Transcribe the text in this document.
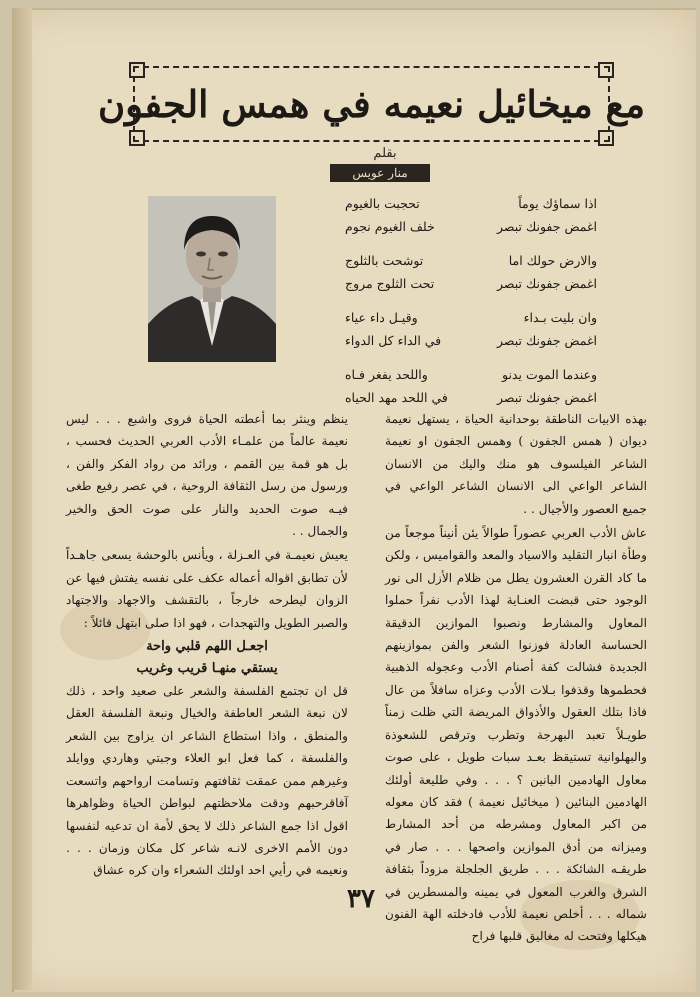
مع ميخائيل نعيمه في همس الجفون
بقلم
منار عويس
اذا سماؤك يوماً
تحجبت بالغيوم
اغمض جفونك تبصر
خلف الغيوم نجوم
والارض حولك اما
توشحت بالثلوج
اغمض جفونك تبصر
تحت الثلوج مروج
وان بليت بـداء
وقيـل داء عياء
اغمض جفونك تبصر
في الداء كل الدواء
وعندما الموت يدنو
واللحد يفغر فـاه
اغمض جفونك تبصر
في اللحد مهد الحياه

بهذه الابيات الناطقة بوحدانية الحياة ، يستهل نعيمة ديوان ( همس الجفون ) وهمس الجفون او نعيمة الشاعر الفيلسوف هو منك واليك من الانسان الشاعر الواعي الى الانسان الشاعر الواعي في جميع العصور والأجيال . .

عاش الأدب العربي عصوراً طوالاً يئن أنيناً موجعاً من وطأة انبار التقليد والاسياد والمعد والقواميس ، ولكن ما كاد القرن العشرون يطل من ظلام الأزل الى نور الوجود حتى قبضت العنـاية لهذا الأدب نفراً حملوا المعاول والمشارط ونصبوا الموازين الدقيقة الحساسة العادلة فوزنوا الشعر والفن بموازينهم الجديدة فشالت كفة أصنام الأدب وعجوله الذهبية فحطموها وقذفوا بـلات الأدب وعزاه سافلاً من عال فاذا بتلك العقول والأذواق المريضة التي ظلت زمناً طويـلاً تعبد البهرجة وتطرب وترقص للشعوذة والبهلوانية تستيقظ بعـد سبات طويل ، على صوت معاول الهادمين البانين ؟ . . . وفي طليعة أولئك الهادمين البنائين ( ميخائيل نعيمة ) فقد كان معوله من اكبر المعاول ومشرطه من أحد المشارط وميزانه من أدق الموازين واصحها . . . صار في طريقـه الشائكة . . . طريق الجلجلة مزوداً بثقافة الشرق والغرب المعول في يمينه والمسطرين في شماله . . . أخلص نعيمة للأدب فادخلته الهة الفنون هيكلها وفتحت له مغاليق قلبها فراح

ينظم وينثر بما أعطته الحياة فروى واشبع . . . ليس نعيمة عالماً من علمـاء الأدب العربي الحديث فحسب ، بل هو قمة بين القمم ، ورائد من رواد الفكر والفن ، ورسول من رسل الثقافة الروحية ، في عصر رفيع طغى فيـه صوت الحديد والنار على صوت الحق والخير والجمال . .

يعيش نعيمـة في العـزلة ، ويأنس بالوحشة يسعى جاهـداً لأن تطابق اقواله أعماله عكف على نفسه يفتش فيها عن الزوان ليطرحه خارجاً ، بالتقشف والاجهاد والاجتهاد والصبر الطويل والتهجدات ، فهو اذا صلى ابتهل قائلاً :

اجعـل اللهم قلبي واحة
يستقي منهـا قريب وغريب

قل ان تجتمع الفلسفة والشعر على صعيد واحد ، ذلك لان نبعة الشعر العاطفة والخيال ونبعة الفلسفة العقل والمنطق ، واذا استطاع الشاعر ان يزاوج بين الشعر والفلسفة ، كما فعل ابو العلاء وجبتي وهاردي ووايلد وغيرهم ممن عمقت ثقافتهم وتسامت ارواحهم واتسعت آفاقرحبهم ودقت ملاحظتهم لبواطن الحياة وظواهرها اقول اذا جمع الشاعر ذلك لا يحق لأمة ان تدعيه لنفسها دون الأمم الاخرى لانـه شاعر كل مكان وزمان . . . ونعيمه في رأيي احد اولئك الشعراء وان كره عشاق

٣٧
